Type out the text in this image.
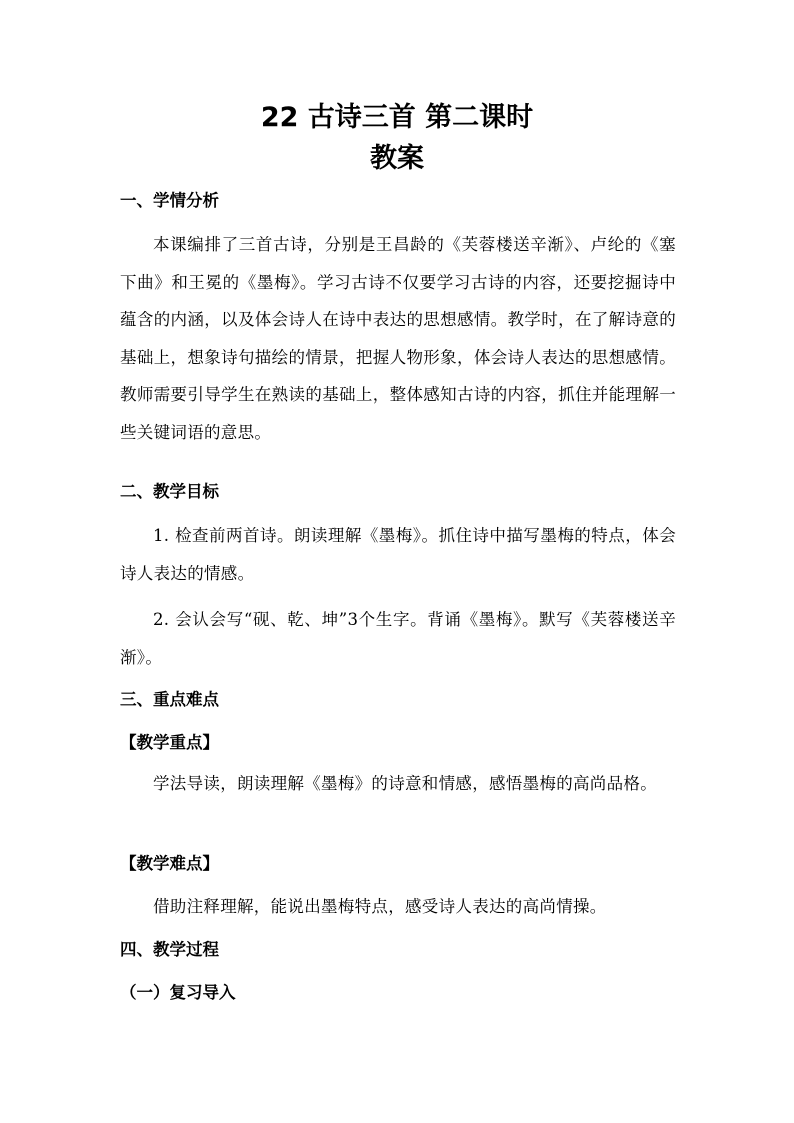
22 古诗三首 第二课时
教案
一、学情分析
本课编排了三首古诗，分别是王昌龄的《芙蓉楼送辛渐》、卢纶的《塞下曲》和王冕的《墨梅》。学习古诗不仅要学习古诗的内容，还要挖掘诗中蕴含的内涵，以及体会诗人在诗中表达的思想感情。教学时，在了解诗意的基础上，想象诗句描绘的情景，把握人物形象，体会诗人表达的思想感情。教师需要引导学生在熟读的基础上，整体感知古诗的内容，抓住并能理解一些关键词语的意思。
二、教学目标
1. 检查前两首诗。朗读理解《墨梅》。抓住诗中描写墨梅的特点，体会诗人表达的情感。
2. 会认会写“砚、乾、坤”3个生字。背诵《墨梅》。默写《芙蓉楼送辛渐》。
三、重点难点
【教学重点】
学法导读，朗读理解《墨梅》的诗意和情感，感悟墨梅的高尚品格。
【教学难点】
借助注释理解，能说出墨梅特点，感受诗人表达的高尚情操。
四、教学过程
（一）复习导入
